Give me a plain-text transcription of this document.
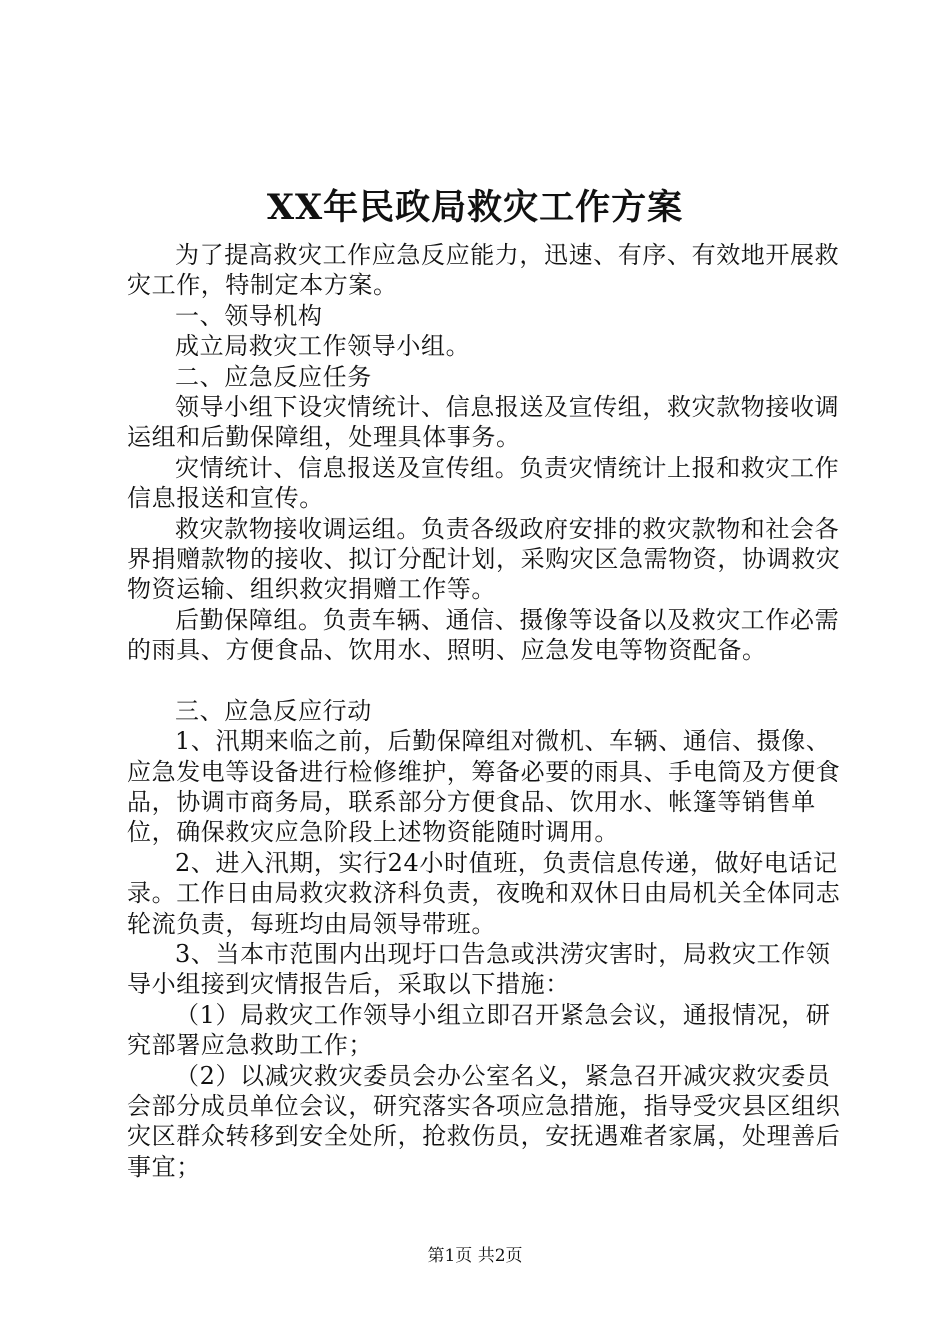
XX年民政局救灾工作方案

为了提高救灾工作应急反应能力，迅速、有序、有效地开展救灾工作，特制定本方案。

一、领导机构

成立局救灾工作领导小组。

二、应急反应任务

领导小组下设灾情统计、信息报送及宣传组，救灾款物接收调运组和后勤保障组，处理具体事务。

灾情统计、信息报送及宣传组。负责灾情统计上报和救灾工作信息报送和宣传。

救灾款物接收调运组。负责各级政府安排的救灾款物和社会各界捐赠款物的接收、拟订分配计划，采购灾区急需物资，协调救灾物资运输、组织救灾捐赠工作等。

后勤保障组。负责车辆、通信、摄像等设备以及救灾工作必需的雨具、方便食品、饮用水、照明、应急发电等物资配备。

三、应急反应行动

1、汛期来临之前，后勤保障组对微机、车辆、通信、摄像、应急发电等设备进行检修维护，筹备必要的雨具、手电筒及方便食品，协调市商务局，联系部分方便食品、饮用水、帐篷等销售单位，确保救灾应急阶段上述物资能随时调用。

2、进入汛期，实行24小时值班，负责信息传递，做好电话记录。工作日由局救灾救济科负责，夜晚和双休日由局机关全体同志轮流负责，每班均由局领导带班。

3、当本市范围内出现圩口告急或洪涝灾害时，局救灾工作领导小组接到灾情报告后，采取以下措施：

（1）局救灾工作领导小组立即召开紧急会议，通报情况，研究部署应急救助工作；

（2）以减灾救灾委员会办公室名义，紧急召开减灾救灾委员会部分成员单位会议，研究落实各项应急措施，指导受灾县区组织灾区群众转移到安全处所，抢救伤员，安抚遇难者家属，处理善后事宜；

第1页 共2页
